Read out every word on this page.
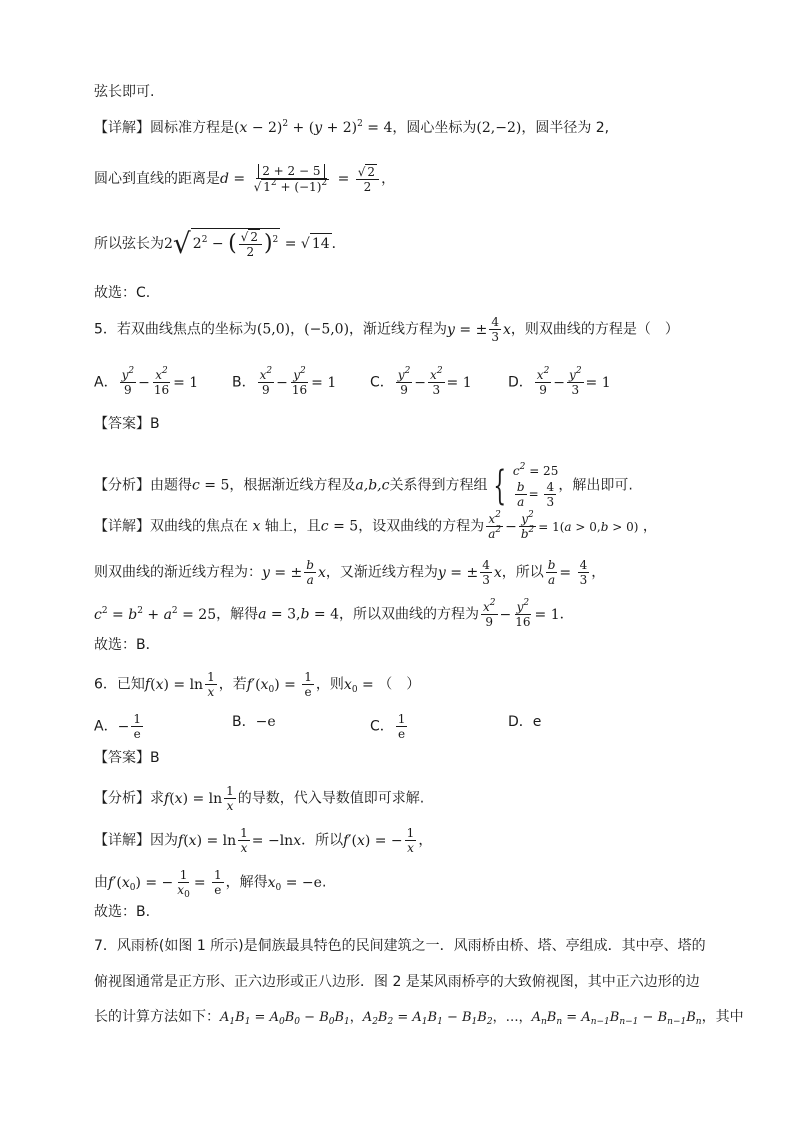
弦长即可.
【详解】圆标准方程是$(x - 2)^2 + (y + 2)^2 = 4$，圆心坐标为(2,−2)，圆半径为 2,
圆心到直线的距离是$d = \frac{2 + 2 - 5}{√ 1^2 + (-1)^2} = \frac{√ 2}{2}$ ，
所以弦长为2√ $2^2$ − ( $\frac{√ 2}{2} )^2$ = √ 14 ．
故选：C.
5．若双曲线焦点的坐标为(5,0)，(−5,0)，渐近线方程为y = ± $\frac{4}{3}$ x，则双曲线的方程是（　）
A． $\frac{y^2}{9} - \frac{x^2}{16} = 1$ B． $\frac{x^2}{9} - \frac{y^2}{16} = 1$ C． $\frac{y^2}{9} - \frac{x^2}{3} = 1$	D． $\frac{x^2}{9} - \frac{y^2}{3} = 1$
【答案】B
【分析】由题得c = 5，根据渐近线方程及a,b,c关系得到方程组 { $c^2 = 25$
$\frac{b}{a} = \frac{4}{3}$ ，解出即可.
【详解】双曲线的焦点在 x 轴上，且c = 5，设双曲线的方程为 $\frac{x^2}{a^2} - \frac{y^2}{b^2} = 1(a > 0,b > 0)$ ，
则双曲线的渐近线方程为：y = ± $\frac{b}{a}$ x，又渐近线方程为y = ± $\frac{4}{3}$ x，所以 $\frac{b}{a} = \frac{4}{3}$ ，
$c^2 = b^2 + a^2 = 25$，解得a = 3,b = 4，所以双曲线的方程为 $\frac{x^2}{9} - \frac{y^2}{16} = 1$．
故选：B．
6．已知$f(x) = \ln \frac{1}{x}$ ，若$f'(x_0) = \frac{1}{e}$ ，则$x_0$ = （　）
A．− $\frac{1}{e}$	B．−e	C． $\frac{1}{e}$	D．e
【答案】B
【分析】求$f(x) = \ln \frac{1}{x}$ 的导数，代入导数值即可求解.
【详解】因为$f(x) = \ln \frac{1}{x} = -\ln x$．所以f′(x) = − $\frac{1}{x}$ ，
由$f'(x_0)$ = − $\frac{1}{x_0} = \frac{1}{e}$ ，解得$x_0 = -e$.
故选：B.
7．风雨桥(如图 1 所示)是侗族最具特色的民间建筑之一．风雨桥由桥、塔、亭组成．其中亭、塔的
俯视图通常是正方形、正六边形或正八边形．图 2 是某风雨桥亭的大致俯视图，其中正六边形的边
长的计算方法如下：$A_1B_1 = A_0B_0 - B_0B_1$，$A_2B_2 = A_1B_1 - B_1B_2$，…，$A_nB_n = A_{n-1}B_{n-1} - B_{n-1}B_n$，其中
